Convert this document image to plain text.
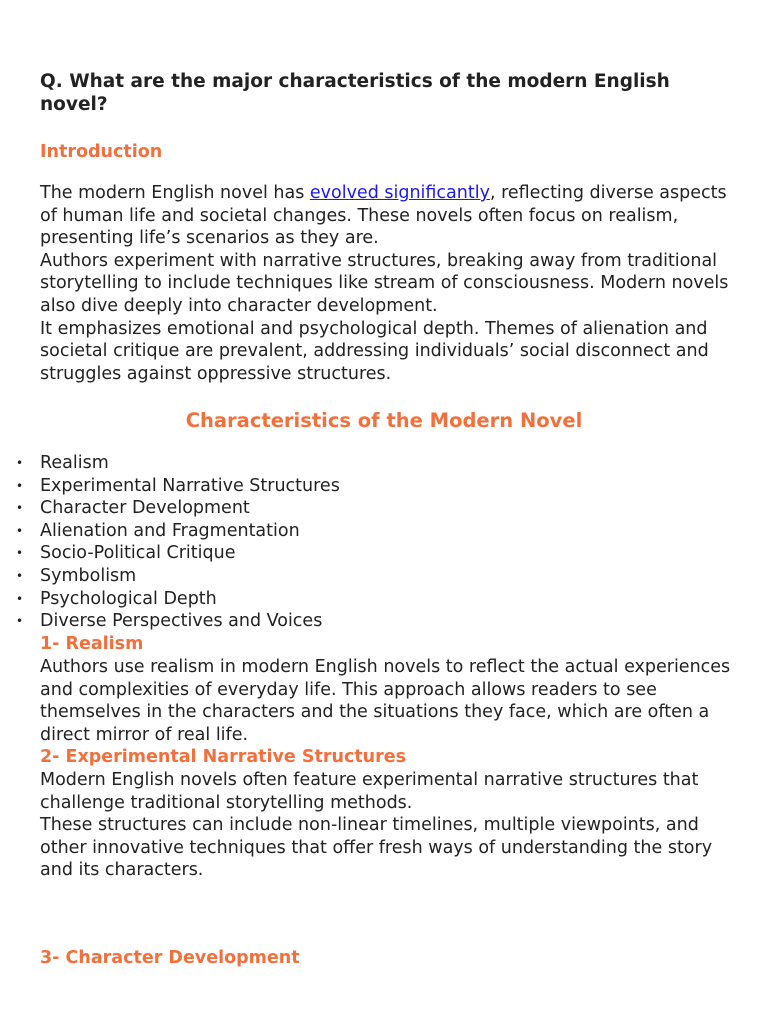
Q. What are the major characteristics of the modern English novel?
Introduction

The modern English novel has evolved significantly, reflecting diverse aspects of human life and societal changes. These novels often focus on realism, presenting life’s scenarios as they are.

Authors experiment with narrative structures, breaking away from traditional storytelling to include techniques like stream of consciousness. Modern novels also dive deeply into character development.

It emphasizes emotional and psychological depth. Themes of alienation and societal critique are prevalent, addressing individuals’ social disconnect and struggles against oppressive structures.

Characteristics of the Modern Novel
• Realism
• Experimental Narrative Structures
• Character Development
• Alienation and Fragmentation
• Socio-Political Critique
• Symbolism
• Psychological Depth
• Diverse Perspectives and Voices
1- Realism

Authors use realism in modern English novels to reflect the actual experiences and complexities of everyday life. This approach allows readers to see themselves in the characters and the situations they face, which are often a direct mirror of real life.

2- Experimental Narrative Structures

Modern English novels often feature experimental narrative structures that challenge traditional storytelling methods.

These structures can include non-linear timelines, multiple viewpoints, and other innovative techniques that offer fresh ways of understanding the story and its characters.

3- Character Development
